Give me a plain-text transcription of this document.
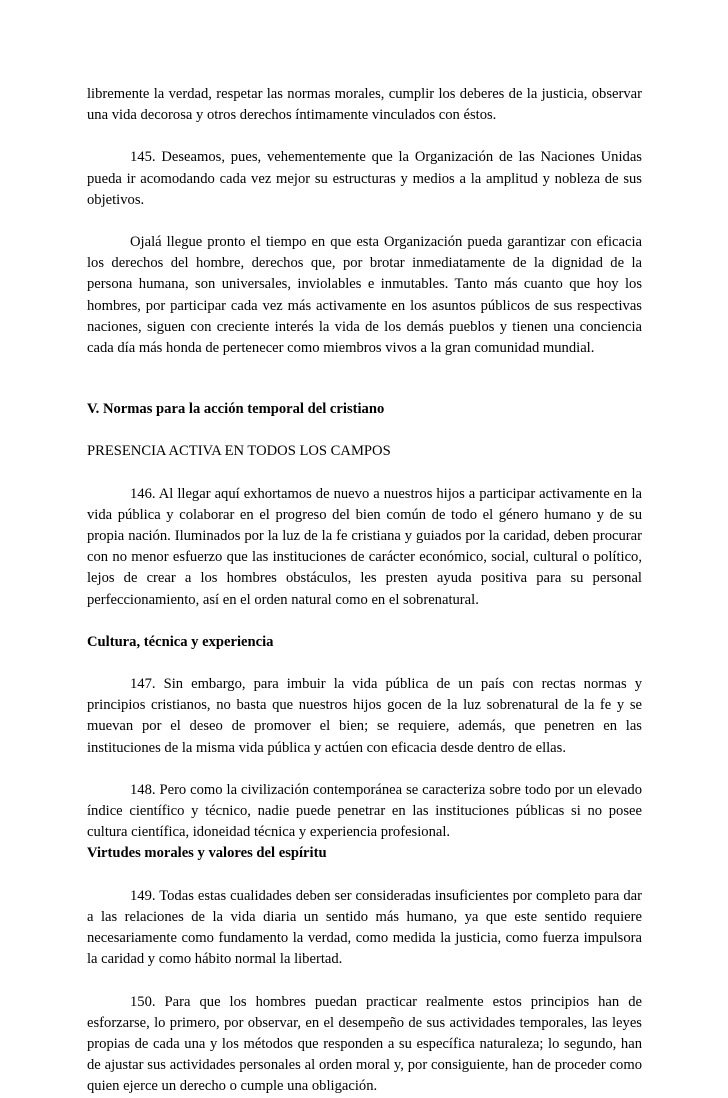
libremente la verdad, respetar las normas morales, cumplir los deberes de la justicia, observar una vida decorosa y otros derechos íntimamente vinculados con éstos.

145. Deseamos, pues, vehementemente que la Organización de las Naciones Unidas pueda ir acomodando cada vez mejor su estructuras y medios a la amplitud y nobleza de sus objetivos.

Ojalá llegue pronto el tiempo en que esta Organización pueda garantizar con eficacia los derechos del hombre, derechos que, por brotar inmediatamente de la dignidad de la persona humana, son universales, inviolables e inmutables. Tanto más cuanto que hoy los hombres, por participar cada vez más activamente en los asuntos públicos de sus respectivas naciones, siguen con creciente interés la vida de los demás pueblos y tienen una conciencia cada día más honda de pertenecer como miembros vivos a la gran comunidad mundial.

V. Normas para la acción temporal del cristiano

PRESENCIA ACTIVA EN TODOS LOS CAMPOS

146. Al llegar aquí exhortamos de nuevo a nuestros hijos a participar activamente en la vida pública y colaborar en el progreso del bien común de todo el género humano y de su propia nación. Iluminados por la luz de la fe cristiana y guiados por la caridad, deben procurar con no menor esfuerzo que las instituciones de carácter económico, social, cultural o político, lejos de crear a los hombres obstáculos, les presten ayuda positiva para su personal perfeccionamiento, así en el orden natural como en el sobrenatural.

Cultura, técnica y experiencia

147. Sin embargo, para imbuir la vida pública de un país con rectas normas y principios cristianos, no basta que nuestros hijos gocen de la luz sobrenatural de la fe y se muevan por el deseo de promover el bien; se requiere, además, que penetren en las instituciones de la misma vida pública y actúen con eficacia desde dentro de ellas.

148. Pero como la civilización contemporánea se caracteriza sobre todo por un elevado índice científico y técnico, nadie puede penetrar en las instituciones públicas si no posee cultura científica, idoneidad técnica y experiencia profesional.

Virtudes morales y valores del espíritu

149. Todas estas cualidades deben ser consideradas insuficientes por completo para dar a las relaciones de la vida diaria un sentido más humano, ya que este sentido requiere necesariamente como fundamento la verdad, como medida la justicia, como fuerza impulsora la caridad y como hábito normal la libertad.

150. Para que los hombres puedan practicar realmente estos principios han de esforzarse, lo primero, por observar, en el desempeño de sus actividades temporales, las leyes propias de cada una y los métodos que responden a su específica naturaleza; lo segundo, han de ajustar sus actividades personales al orden moral y, por consiguiente, han de proceder como quien ejerce un derecho o cumple una obligación.
